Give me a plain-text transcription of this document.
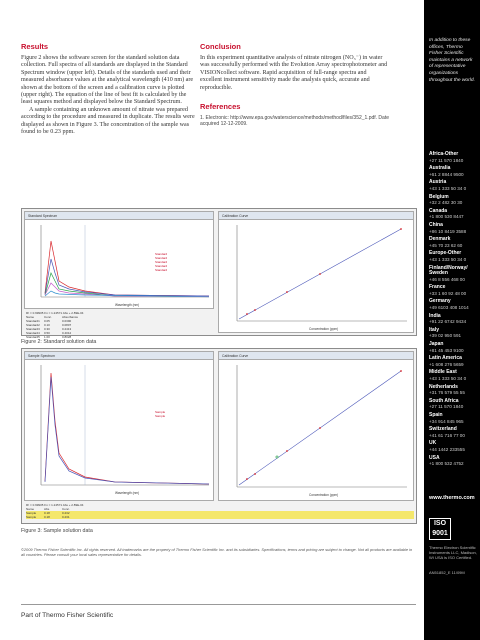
Results

Figure 2 shows the software screen for the standard solution data collection. Full spectra of all standards are displayed in the Standard Spectrum window (upper left). Details of the standards used and their measured absorbance values at the analytical wavelength (410 nm) are shown at the bottom of the screen and a calibration curve is plotted (upper right). The equation of the line of best fit is calculated by the least squares method and displayed below the Standard Spectrum.

A sample containing an unknown amount of nitrate was prepared according to the procedure and measured in duplicate. The results were displayed as shown in Figure 3. The concentration of the sample was found to be 0.23 ppm.

Conclusion

In this experiment quantitative analysis of nitrate nitrogen (NO₃⁻) in water was successfully performed with the Evolution Array spectrophotometer and VISIONcollect software. Rapid acquisition of full-range spectra and excellent instrument sensitivity made the analysis quick, accurate and reproducible.

References
1. Electronic: http://www.epa.gov/waterscience/methods/method/files/352_1.pdf. Date acquired 12-12-2009.
Standard Spectrum
Standard
Standard
Standard
Standard
Standard
Wavelength (nm)
Calibration Curve
Concentration (ppm)
R² = 0.99905 Fn = 1.24571 Abs + 2.89E-04
Name	Conc.	Absorbance
Standard1 0.05	0.0390
Standard2 0.10	0.0807
Standard3 0.30	0.2413
Standard4 0.50	0.4012
Standard5 1.00	0.8028
Figure 2: Standard solution data
Sample Spectrum
Sample
Sample
Wavelength (nm)
Calibration Curve
Concentration (ppm)
R² = 0.99905 Fn = 1.24571 Abs + 2.89E-04
Name	Abs.	Conc.
Sample	0.18	0.232
Sample	0.18	0.231
Figure 3: Sample solution data
©2009 Thermo Fisher Scientific Inc. All rights reserved. All trademarks are the property of Thermo Fisher Scientific Inc. and its subsidiaries. Specifications, terms and pricing are subject to change. Not all products are available in all countries. Please consult your local sales representative for details.
Part of Thermo Fisher Scientific
In addition to these offices, Thermo Fisher Scientific maintains a network of representative organizations throughout the world.
Africa-Other
+27 11 570 1840
Australia
+61 2 8844 9500
Austria
+43 1 333 50 34 0
Belgium
+32 2 482 30 30
Canada
+1 800 530 8447
China
+86 10 8419 3588
Denmark
+45 70 23 62 60
Europe-Other
+43 1 333 50 34 0
Finland/Norway/ Sweden
+46 8 556 468 00
France
+33 1 60 92 48 00
Germany
+49 6103 408 1014
India
+91 22 6742 9434
Italy
+39 02 950 591
Japan
+81 45 453 9100
Latin America
+1 608 276 5659
Middle East
+43 1 333 50 34 0
Netherlands
+31 76 579 55 55
South Africa
+27 11 570 1840
Spain
+34 914 845 965
Switzerland
+41 61 716 77 00
UK
+44 1442 233555
USA
+1 800 532 4752
www.thermo.com
ISO
9001
Thermo Electron Scientific Instruments LLC, Madison, WI USA is ISO Certified.
AN51852_E 11/09M
